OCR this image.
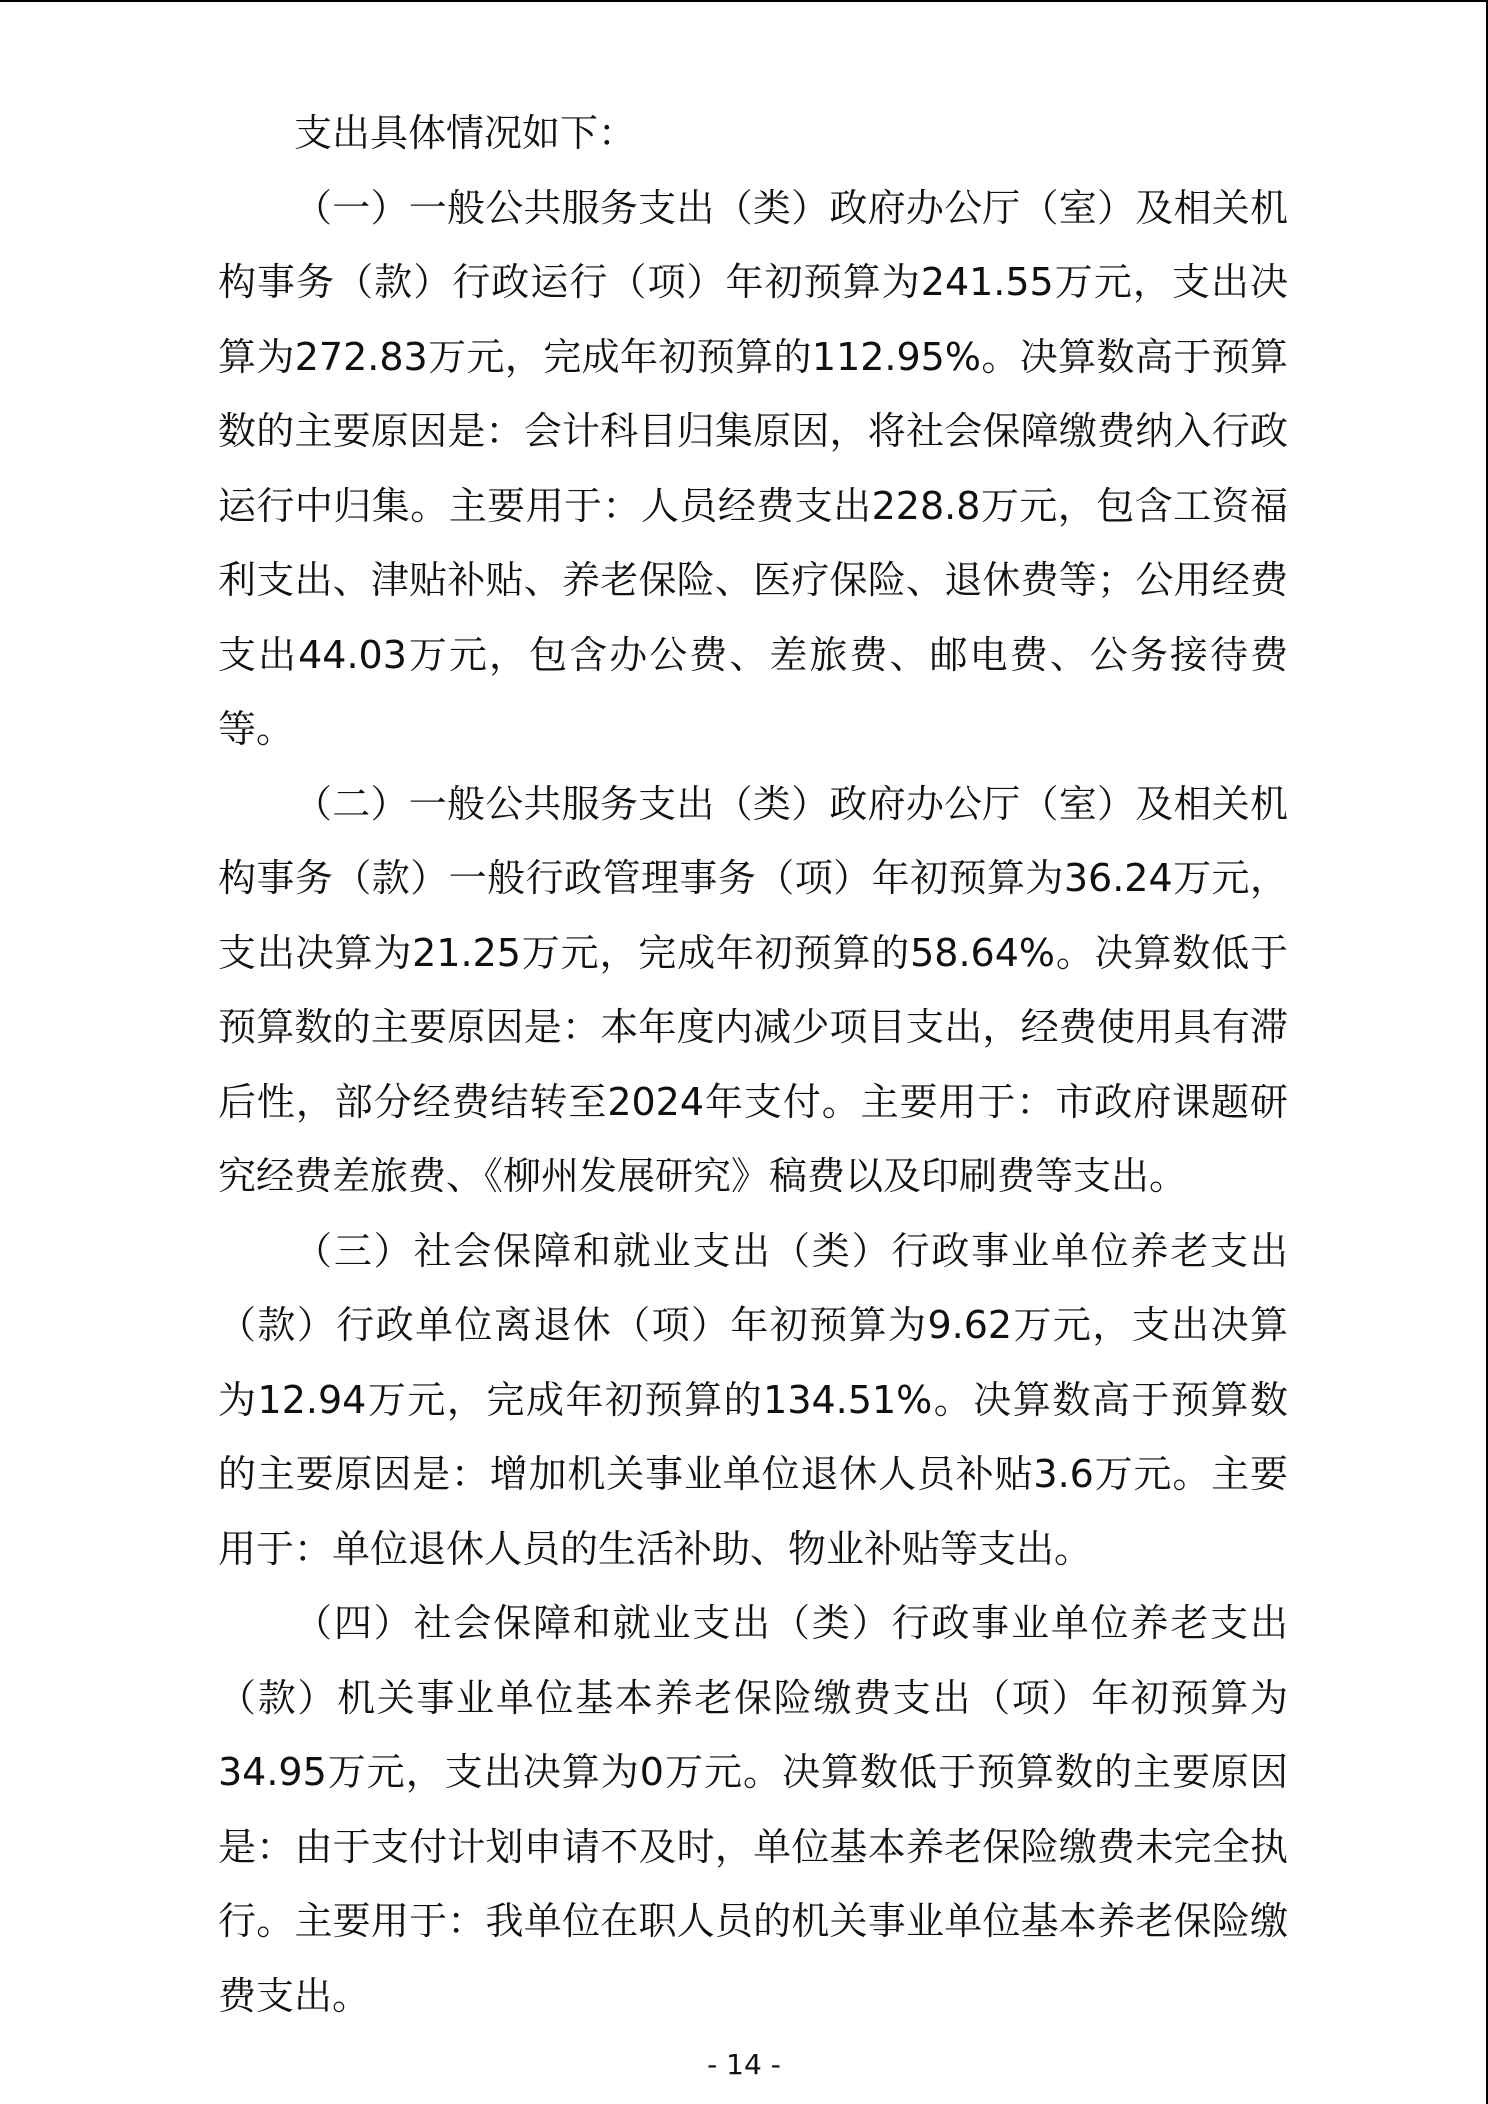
支出具体情况如下：

（一）一般公共服务支出（类）政府办公厅（室）及相关机构事务（款）行政运行（项）年初预算为241.55万元，支出决算为272.83万元，完成年初预算的112.95%。决算数高于预算数的主要原因是：会计科目归集原因，将社会保障缴费纳入行政运行中归集。主要用于：人员经费支出228.8万元，包含工资福利支出、津贴补贴、养老保险、医疗保险、退休费等；公用经费支出44.03万元，包含办公费、差旅费、邮电费、公务接待费等。

（二）一般公共服务支出（类）政府办公厅（室）及相关机构事务（款）一般行政管理事务（项）年初预算为36.24万元，支出决算为21.25万元，完成年初预算的58.64%。决算数低于预算数的主要原因是：本年度内减少项目支出，经费使用具有滞后性，部分经费结转至2024年支付。主要用于：市政府课题研究经费差旅费、《柳州发展研究》稿费以及印刷费等支出。

（三）社会保障和就业支出（类）行政事业单位养老支出（款）行政单位离退休（项）年初预算为9.62万元，支出决算为12.94万元，完成年初预算的134.51%。决算数高于预算数的主要原因是：增加机关事业单位退休人员补贴3.6万元。主要用于：单位退休人员的生活补助、物业补贴等支出。

（四）社会保障和就业支出（类）行政事业单位养老支出（款）机关事业单位基本养老保险缴费支出（项）年初预算为34.95万元，支出决算为0万元。决算数低于预算数的主要原因是：由于支付计划申请不及时，单位基本养老保险缴费未完全执行。主要用于：我单位在职人员的机关事业单位基本养老保险缴费支出。

- 14 -
